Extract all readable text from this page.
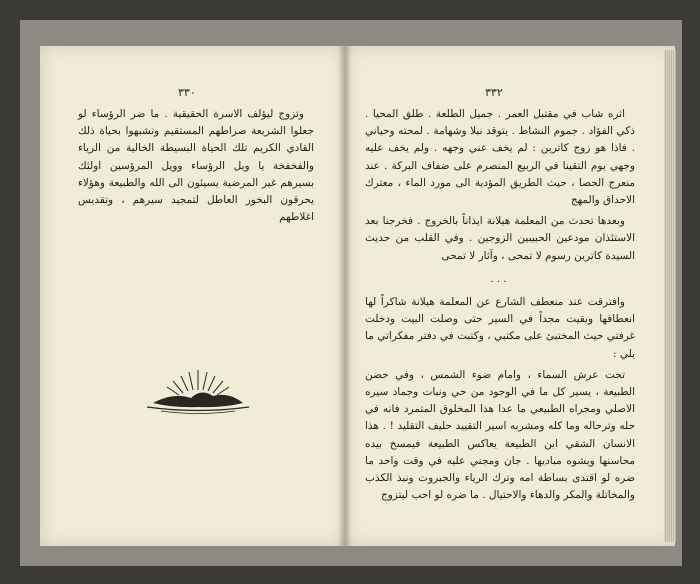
٣٣٠

وتزوج ليؤلف الاسرة الحقيقية . ما ضر الرؤساء لو جعلوا الشريعة صراطهم المستقيم وتشبهوا بحياة ذلك القادي الكريم تلك الحياة البسيطة الخالية من الرياء والفخفخة يا ويل الرؤساء وويل المرؤسين اولئك بسيرهم غير المرضية يسيئون الى الله والطبيعة وهؤلاء يحرقون البخور العاطل لتمجيد سيرهم ، وتقديس اغلاطهم

٣٣٢

اثره شاب في مقتبل العمر . جميل الطلعة . طلق المحيا . ذكي الفؤاد . جموم النشاط . يتوقد نبلا وشهامة . لمحته وحياني . فاذا هو زوج كاترين : لم يخف عني وجهه . ولم يخف عليه وجهي يوم التقينا في الربيع المنصرم على ضفاف البركة . عند منعرج الحصا ، حيث الطريق المؤدية الى مورد الماء ، معترك الاحداق والمهج

وبعدها تحدث من المعلمة هيلانة ايذاناً بالخروج . فخرجنا بعد الاستئذان مودعين الحبيبين الزوجين . وفي القلب من حديث السيدة كاترين رسوم لا تمحى ، وآثار لا تمحى

...

وافترقت عند منعطف الشارع عن المعلمة هيلانة شاكراً لها انعطافها وبقيت مجداً في السير حتى وصلت البيت ودخلت غرفتي حيث المختبئ على مكتبي ، وكتبت في دفتر مفكراتي ما يلي :

تحت عرش السماء ، وامام ضوء الشمس ، وفي حضن الطبيعة ، يسير كل ما في الوجود من حي ونبات وجماد سيره الاصلي ومجراه الطبيعي ما عدا هذا المخلوق المتمرد فانه في حله وترحاله وما كله ومشربه اسير التقييد حليف التقليد ! . هذا الانسان الشقي ابن الطبيعة يعاكس الطبيعة فيمسخ بيده محاسنها ويشوه مباديها . جان ومجني عليه في وقت واحد ما ضره لو اقتدى بساطة امه وترك الرياء والجبروت ونبذ الكذب والمخاتلة والمكر والدهاء والاحتيال . ما ضره لو احب ليتزوج
